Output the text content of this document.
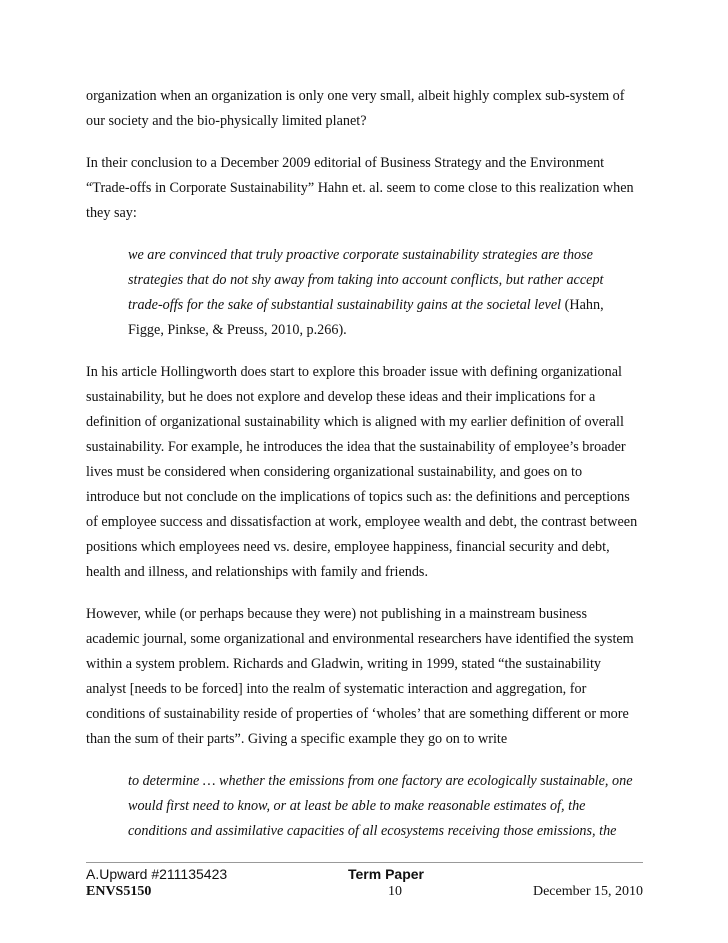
organization when an organization is only one very small, albeit highly complex sub-system of
our society and the bio-physically limited planet?
In their conclusion to a December 2009 editorial of Business Strategy and the Environment
“Trade-offs in Corporate Sustainability” Hahn et. al. seem to come close to this realization when
they say:
we are convinced that truly proactive corporate sustainability strategies are those
strategies that do not shy away from taking into account conflicts, but rather accept
trade-offs for the sake of substantial sustainability gains at the societal level (Hahn,
Figge, Pinkse, & Preuss, 2010, p.266).
In his article Hollingworth does start to explore this broader issue with defining organizational
sustainability, but he does not explore and develop these ideas and their implications for a
definition of organizational sustainability which is aligned with my earlier definition of overall
sustainability. For example, he introduces the idea that the sustainability of employee’s broader
lives must be considered when considering organizational sustainability, and goes on to
introduce but not conclude on the implications of topics such as: the definitions and perceptions
of employee success and dissatisfaction at work, employee wealth and debt, the contrast between
positions which employees need vs. desire, employee happiness, financial security and debt,
health and illness, and relationships with family and friends.
However, while (or perhaps because they were) not publishing in a mainstream business
academic journal, some organizational and environmental researchers have identified the system
within a system problem. Richards and Gladwin, writing in 1999, stated “the sustainability
analyst [needs to be forced] into the realm of systematic interaction and aggregation, for
conditions of sustainability reside of properties of ‘wholes’ that are something different or more
than the sum of their parts”. Giving a specific example they go on to write
to determine … whether the emissions from one factory are ecologically sustainable, one
would first need to know, or at least be able to make reasonable estimates of, the
conditions and assimilative capacities of all ecosystems receiving those emissions, the
A.Upward #211135423
ENVS5150
Term Paper
10	December 15, 2010
